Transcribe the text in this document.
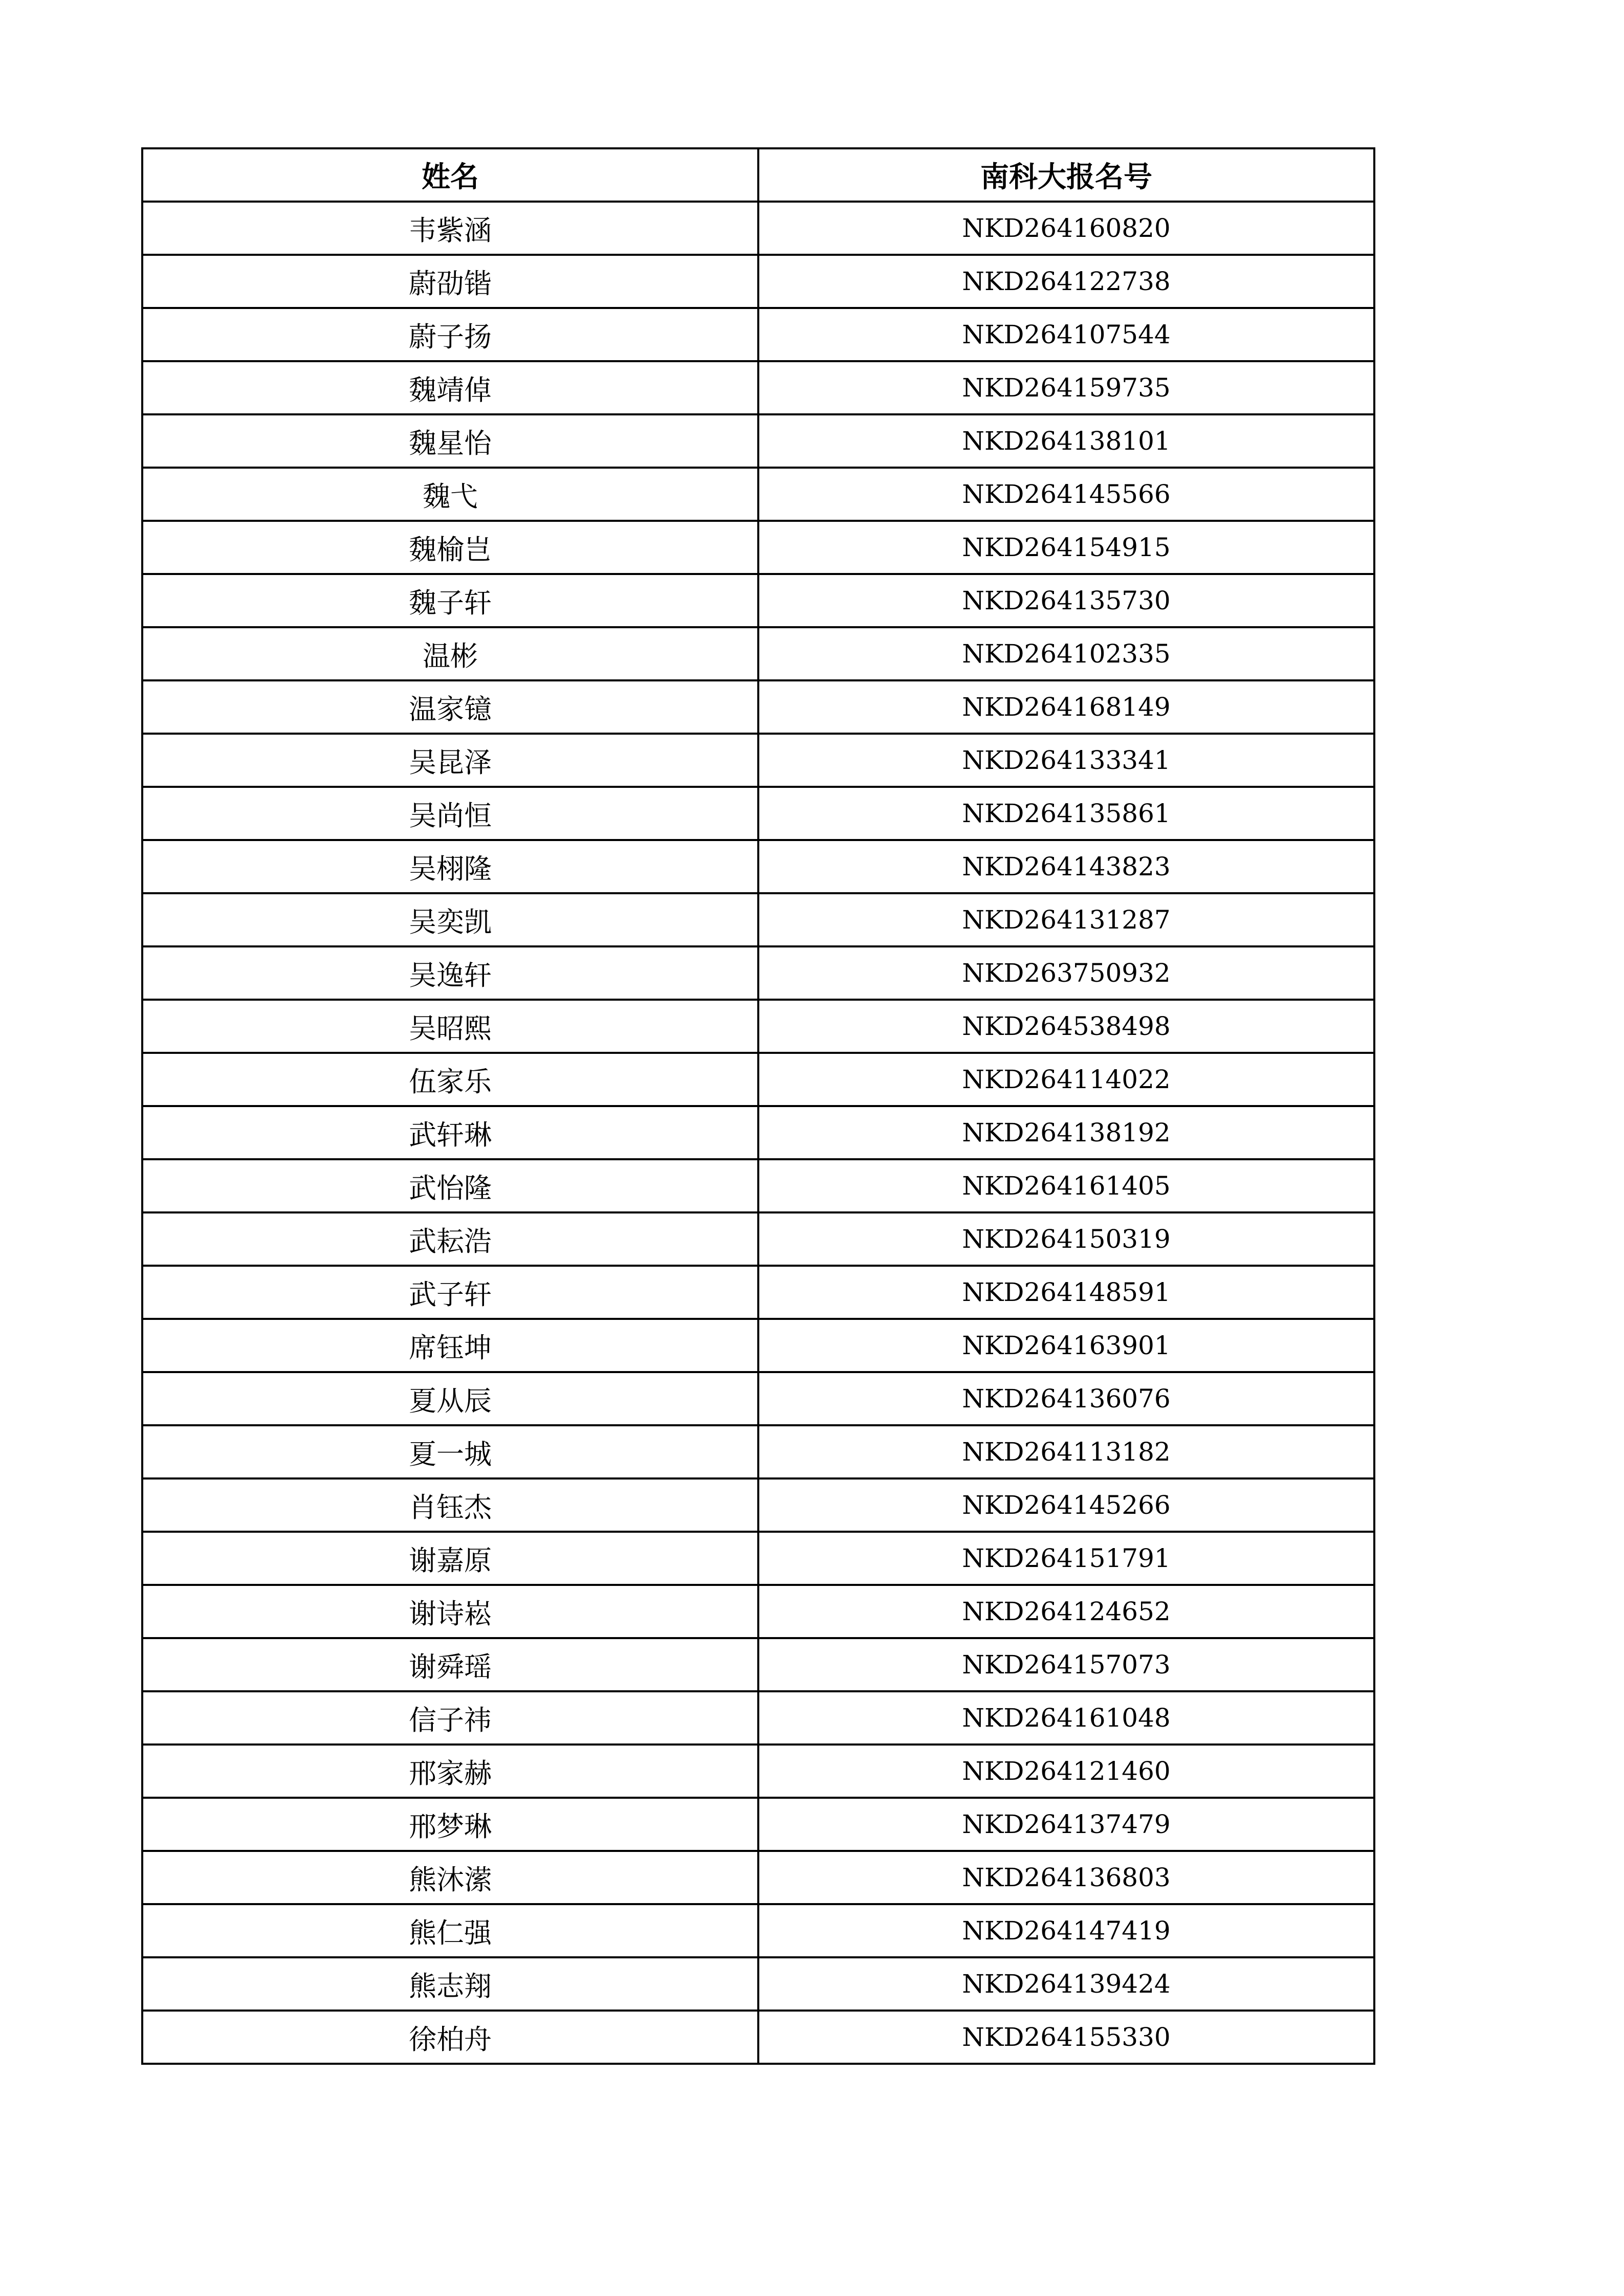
姓名	南科大报名号
韦紫涵	NKD264160820
蔚劭锴	NKD264122738
蔚子扬	NKD264107544
魏靖倬	NKD264159735
魏星怡	NKD264138101
魏弋	NKD264145566
魏榆岂	NKD264154915
魏子轩	NKD264135730
温彬	NKD264102335
温家镱	NKD264168149
吴昆泽	NKD264133341
吴尚恒	NKD264135861
吴栩隆	NKD264143823
吴奕凯	NKD264131287
吴逸轩	NKD263750932
吴昭熙	NKD264538498
伍家乐	NKD264114022
武轩琳	NKD264138192
武怡隆	NKD264161405
武耘浩	NKD264150319
武子轩	NKD264148591
席钰坤	NKD264163901
夏从辰	NKD264136076
夏一城	NKD264113182
肖钰杰	NKD264145266
谢嘉原	NKD264151791
谢诗崧	NKD264124652
谢舜瑶	NKD264157073
信子祎	NKD264161048
邢家赫	NKD264121460
邢梦琳	NKD264137479
熊沐潆	NKD264136803
熊仁强	NKD264147419
熊志翔	NKD264139424
徐柏舟	NKD264155330
